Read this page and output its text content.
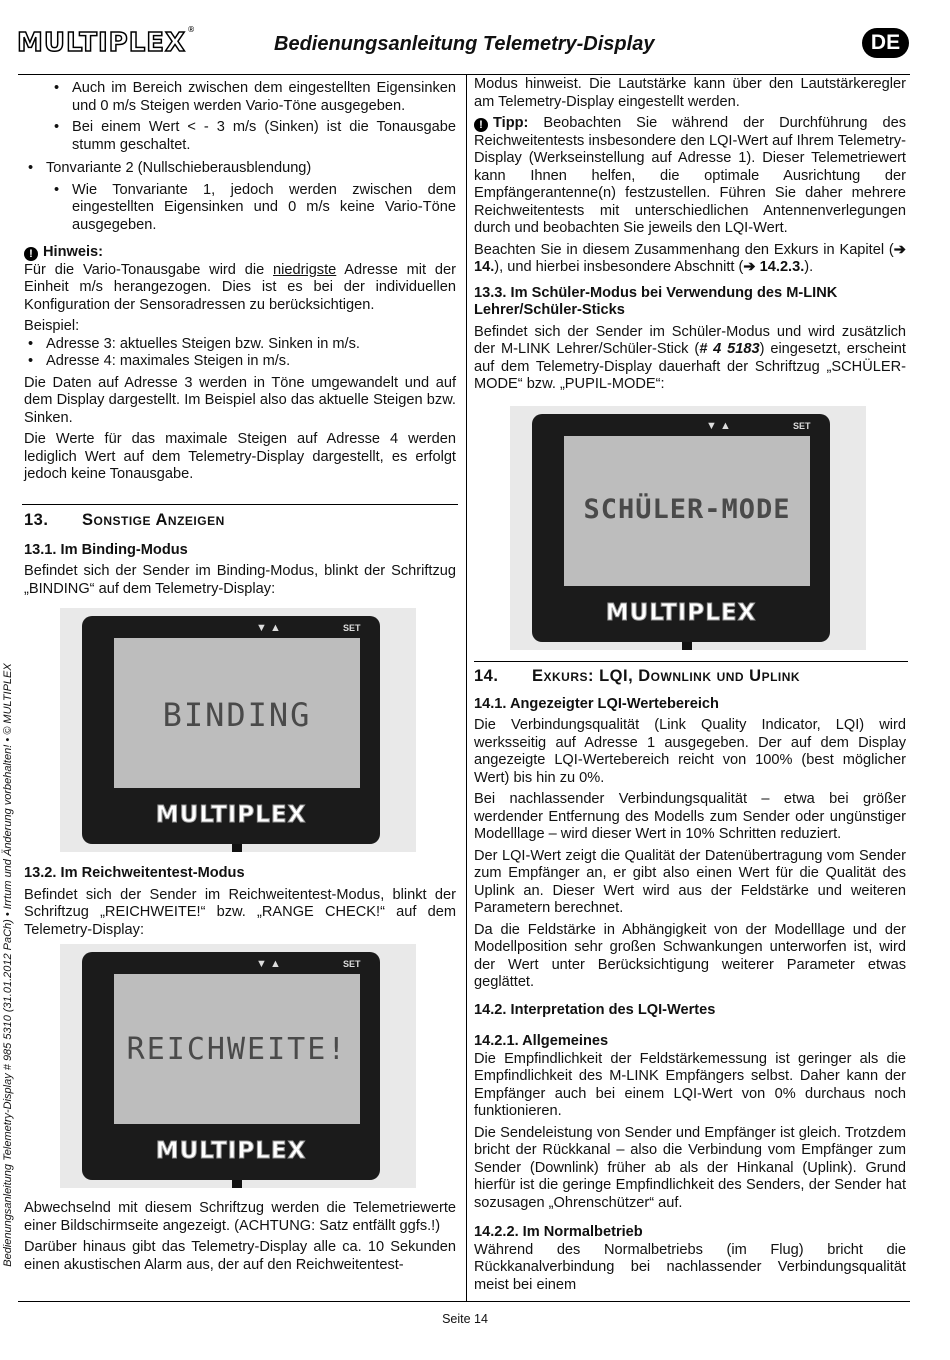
MULTIPLEX ®
Bedienungsanleitung Telemetry-Display	DE
• Auch im Bereich zwischen dem eingestellten Eigensinken und 0 m/s Steigen werden Vario-Töne ausgegeben.
• Bei einem Wert < - 3 m/s (Sinken) ist die Tonausgabe stumm geschaltet.
• Tonvariante 2 (Nullschieberausblendung)
• Wie Tonvariante 1, jedoch werden zwischen dem eingestellten Eigensinken und 0 m/s keine Vario-Töne ausgegeben.
! Hinweis:

Für die Vario-Tonausgabe wird die niedrigste Adresse mit der Einheit m/s herangezogen. Dies ist es bei der individuellen Konfiguration der Sensoradressen zu berücksichtigen.

Beispiel:

• Adresse 3: aktuelles Steigen bzw. Sinken in m/s.
• Adresse 4: maximales Steigen in m/s.

Die Daten auf Adresse 3 werden in Töne umgewandelt und auf dem Display dargestellt. Im Beispiel also das aktuelle Steigen bzw. Sinken.

Die Werte für das maximale Steigen auf Adresse 4 werden lediglich Wert auf dem Telemetry-Display dargestellt, es erfolgt jedoch keine Tonausgabe.

13. Sonstige Anzeigen
13.1. Im Binding-Modus

Befindet sich der Sender im Binding-Modus, blinkt der Schriftzug „BINDING“ auf dem Telemetry-Display:

▼ ▲	SET
BINDING
MULTIPLEX
13.2. Im Reichweitentest-Modus

Befindet sich der Sender im Reichweitentest-Modus, blinkt der Schriftzug „REICHWEITE!“ bzw. „RANGE CHECK!“ auf dem Telemetry-Display:

▼ ▲	SET
REICHWEITE!
MULTIPLEX

Abwechselnd mit diesem Schriftzug werden die Telemetriewerte einer Bildschirmseite angezeigt. (ACHTUNG: Satz entfällt ggfs.!)

Darüber hinaus gibt das Telemetry-Display alle ca. 10 Sekunden einen akustischen Alarm aus, der auf den Reichweitentest-

Modus hinweist. Die Lautstärke kann über den Lautstärkeregler am Telemetry-Display eingestellt werden.

! Tipp: Beobachten Sie während der Durchführung des Reichweitentests insbesondere den LQI-Wert auf Ihrem Telemetry-Display (Werkseinstellung auf Adresse 1). Dieser Telemetriewert kann Ihnen helfen, die optimale Ausrichtung der Empfängerantenne(n) festzustellen. Führen Sie daher mehrere Reichweitentests mit unterschiedlichen Antennenverlegungen durch und beobachten Sie jeweils den LQI-Wert.

Beachten Sie in diesem Zusammenhang den Exkurs in Kapitel (➔ 14.), und hierbei insbesondere Abschnitt (➔ 14.2.3.).

13.3. Im Schüler-Modus bei Verwendung des M-LINK Lehrer/Schüler-Sticks

Befindet sich der Sender im Schüler-Modus und wird zusätzlich der M-LINK Lehrer/Schüler-Stick (# 4 5183) eingesetzt, erscheint auf dem Telemetry-Display dauerhaft der Schriftzug „SCHÜLER-MODE“ bzw. „PUPIL-MODE“:

▼ ▲	SET
SCHÜLER-MODE
MULTIPLEX
14. Exkurs: LQI, Downlink und Uplink
14.1. Angezeigter LQI-Wertebereich

Die Verbindungsqualität (Link Quality Indicator, LQI) wird werksseitig auf Adresse 1 ausgegeben. Der auf dem Display angezeigte LQI-Wertebereich reicht von 100% (best möglicher Wert) bis hin zu 0%.

Bei nachlassender Verbindungsqualität – etwa bei größer werdender Entfernung des Modells zum Sender oder ungünstiger Modelllage – wird dieser Wert in 10% Schritten reduziert.

Der LQI-Wert zeigt die Qualität der Datenübertragung vom Sender zum Empfänger an, er gibt also einen Wert für die Qualität des Uplink an. Dieser Wert wird aus der Feldstärke und weiteren Parametern berechnet.

Da die Feldstärke in Abhängigkeit von der Modelllage und der Modellposition sehr großen Schwankungen unterworfen ist, wird der Wert unter Berücksichtigung weiterer Parameter etwas geglättet.

14.2. Interpretation des LQI-Wertes
14.2.1. Allgemeines

Die Empfindlichkeit der Feldstärkemessung ist geringer als die Empfindlichkeit des M-LINK Empfängers selbst. Daher kann der Empfänger auch bei einem LQI-Wert von 0% durchaus noch funktionieren.

Die Sendeleistung von Sender und Empfänger ist gleich. Trotzdem bricht der Rückkanal – also die Verbindung vom Empfänger zum Sender (Downlink) früher ab als der Hinkanal (Uplink). Grund hierfür ist die geringe Empfindlichkeit des Senders, der Sender hat sozusagen „Ohrenschützer“ auf.

14.2.2. Im Normalbetrieb

Während des Normalbetriebs (im Flug) bricht die Rückkanalverbindung bei nachlassender Verbindungsqualität meist bei einem

Bedienungsanleitung Telemetry-Display # 985 5310 (31.01.2012 PaCh) • Irrtum und Änderung vorbehalten! • © MULTIPLEX
Seite 14
